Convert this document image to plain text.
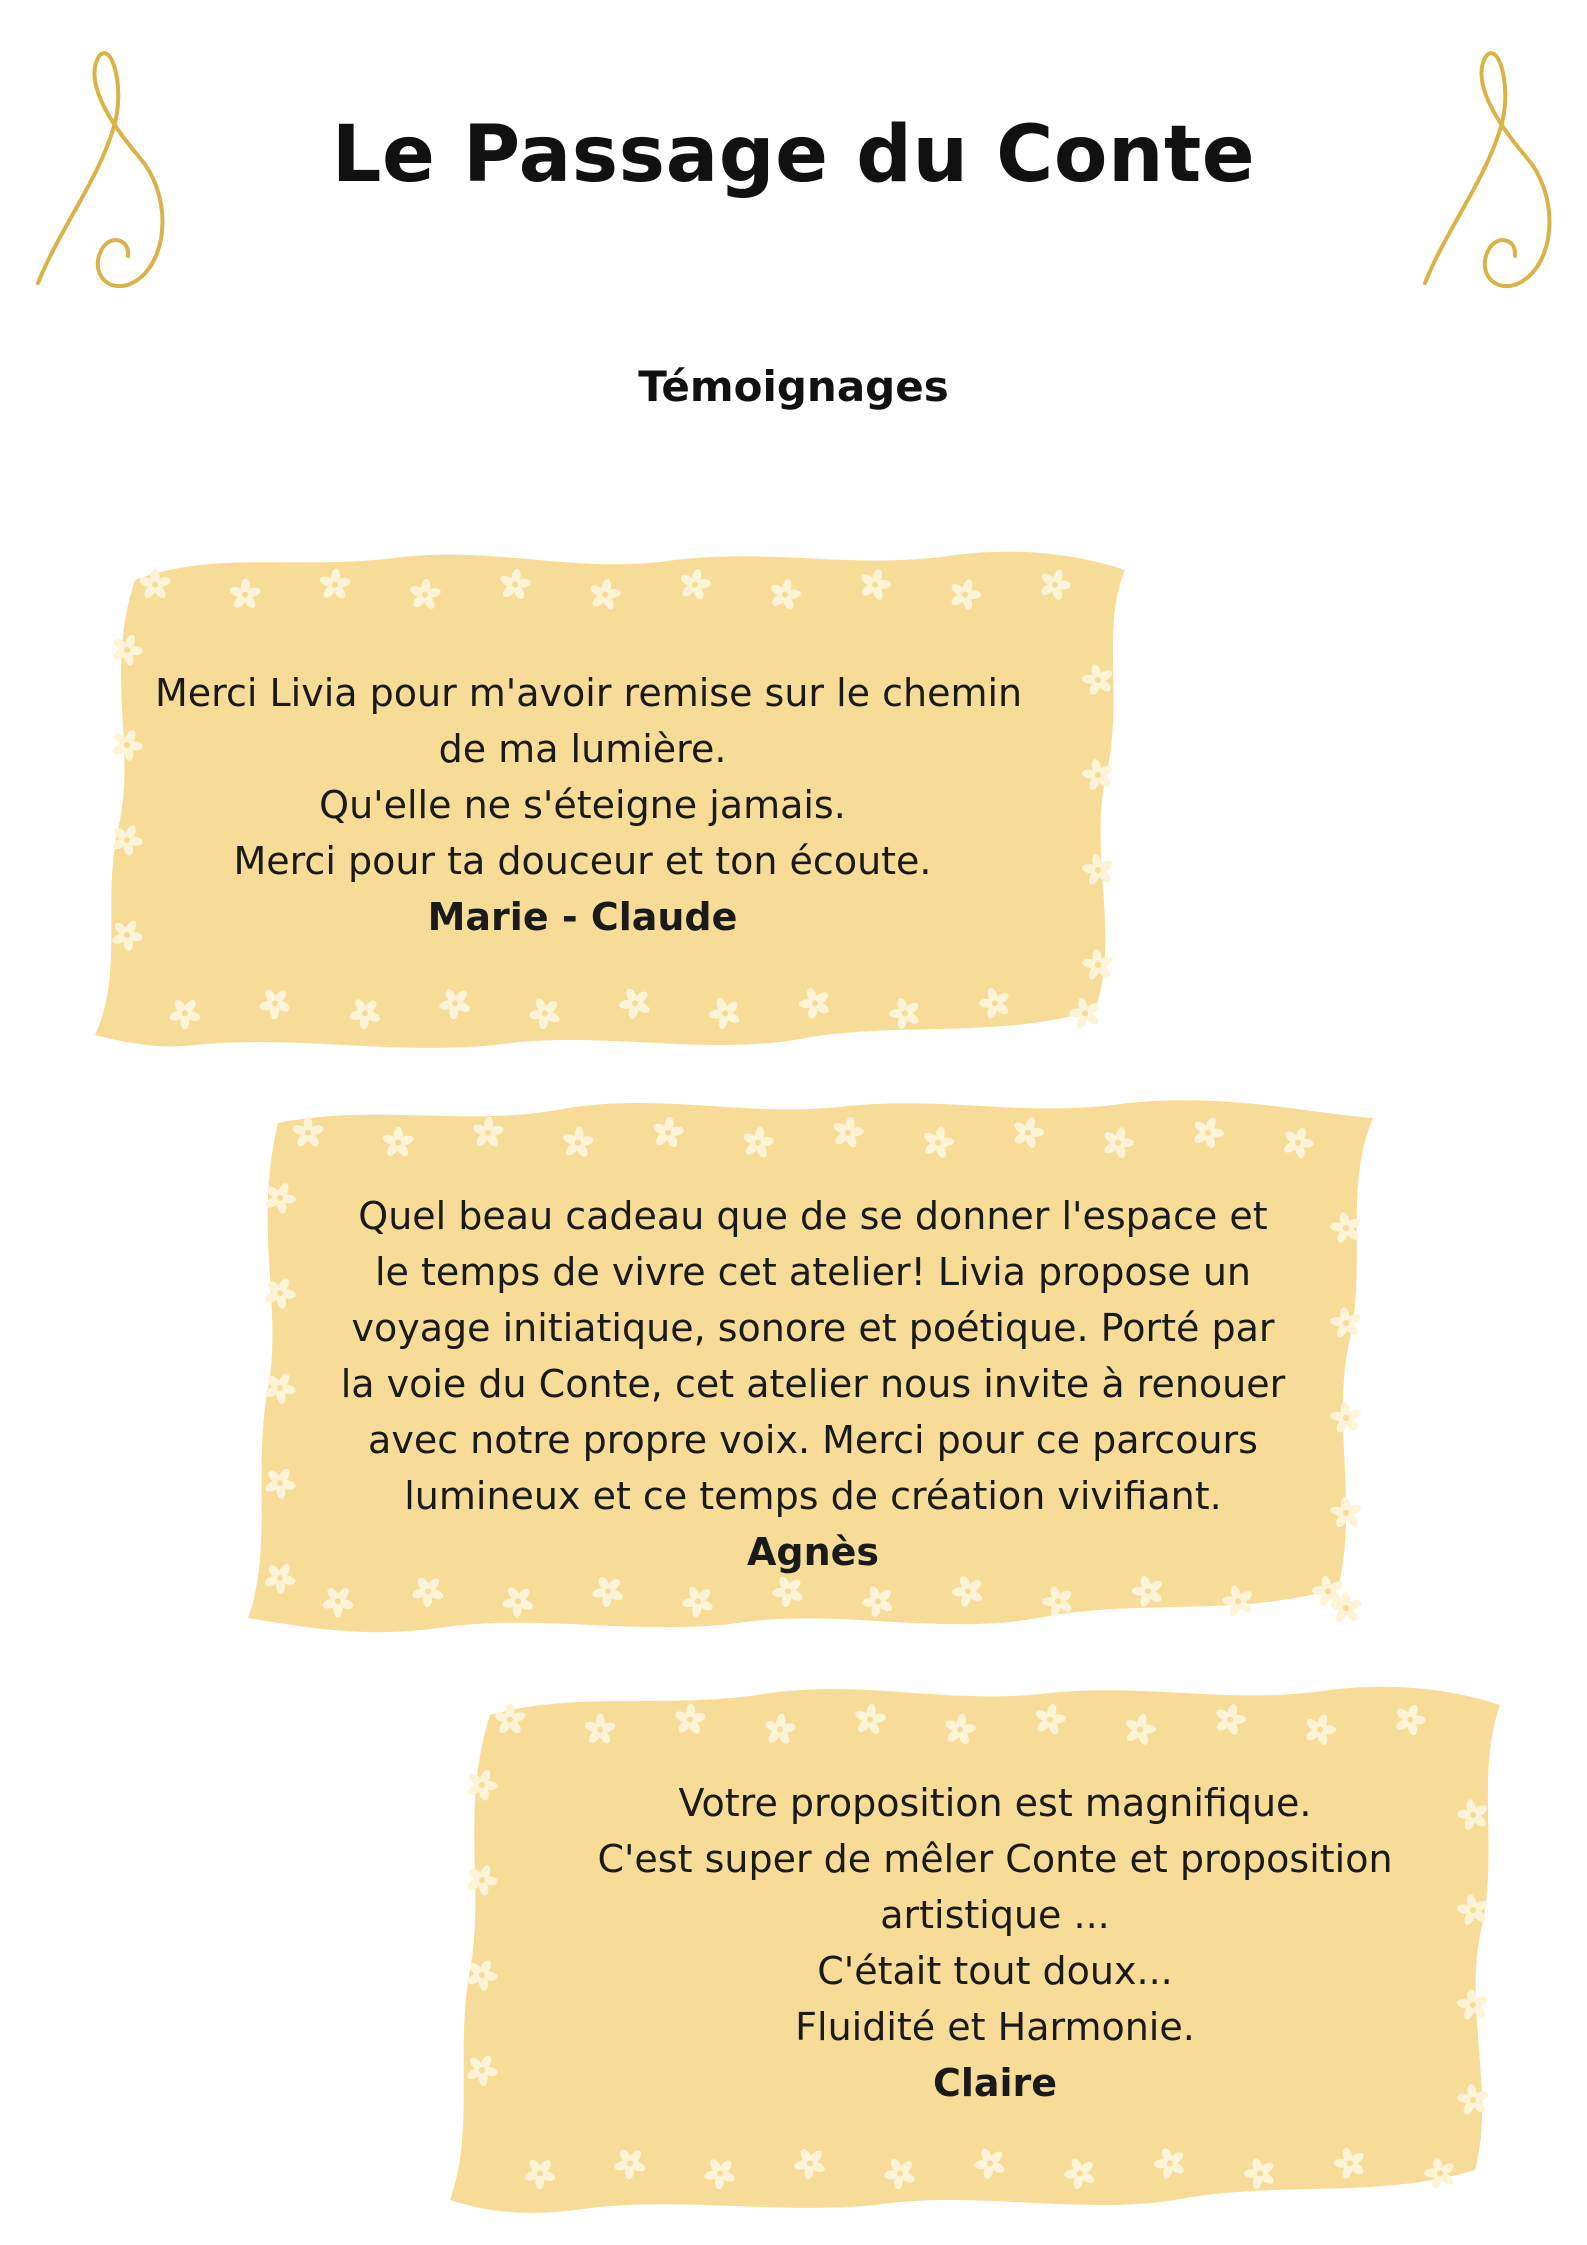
Le Passage du Conte
Témoignages
Merci Livia pour m'avoir remise sur le chemin
de ma lumière.
Qu'elle ne s'éteigne jamais.
Merci pour ta douceur et ton écoute.
Marie - Claude
Quel beau cadeau que de se donner l'espace et
le temps de vivre cet atelier! Livia propose un
voyage initiatique, sonore et poétique. Porté par
la voie du Conte, cet atelier nous invite à renouer
avec notre propre voix. Merci pour ce parcours
lumineux et ce temps de création vivifiant.
Agnès
Votre proposition est magnifique.
C'est super de mêler Conte et proposition
artistique ...
C'était tout doux...
Fluidité et Harmonie.
Claire
